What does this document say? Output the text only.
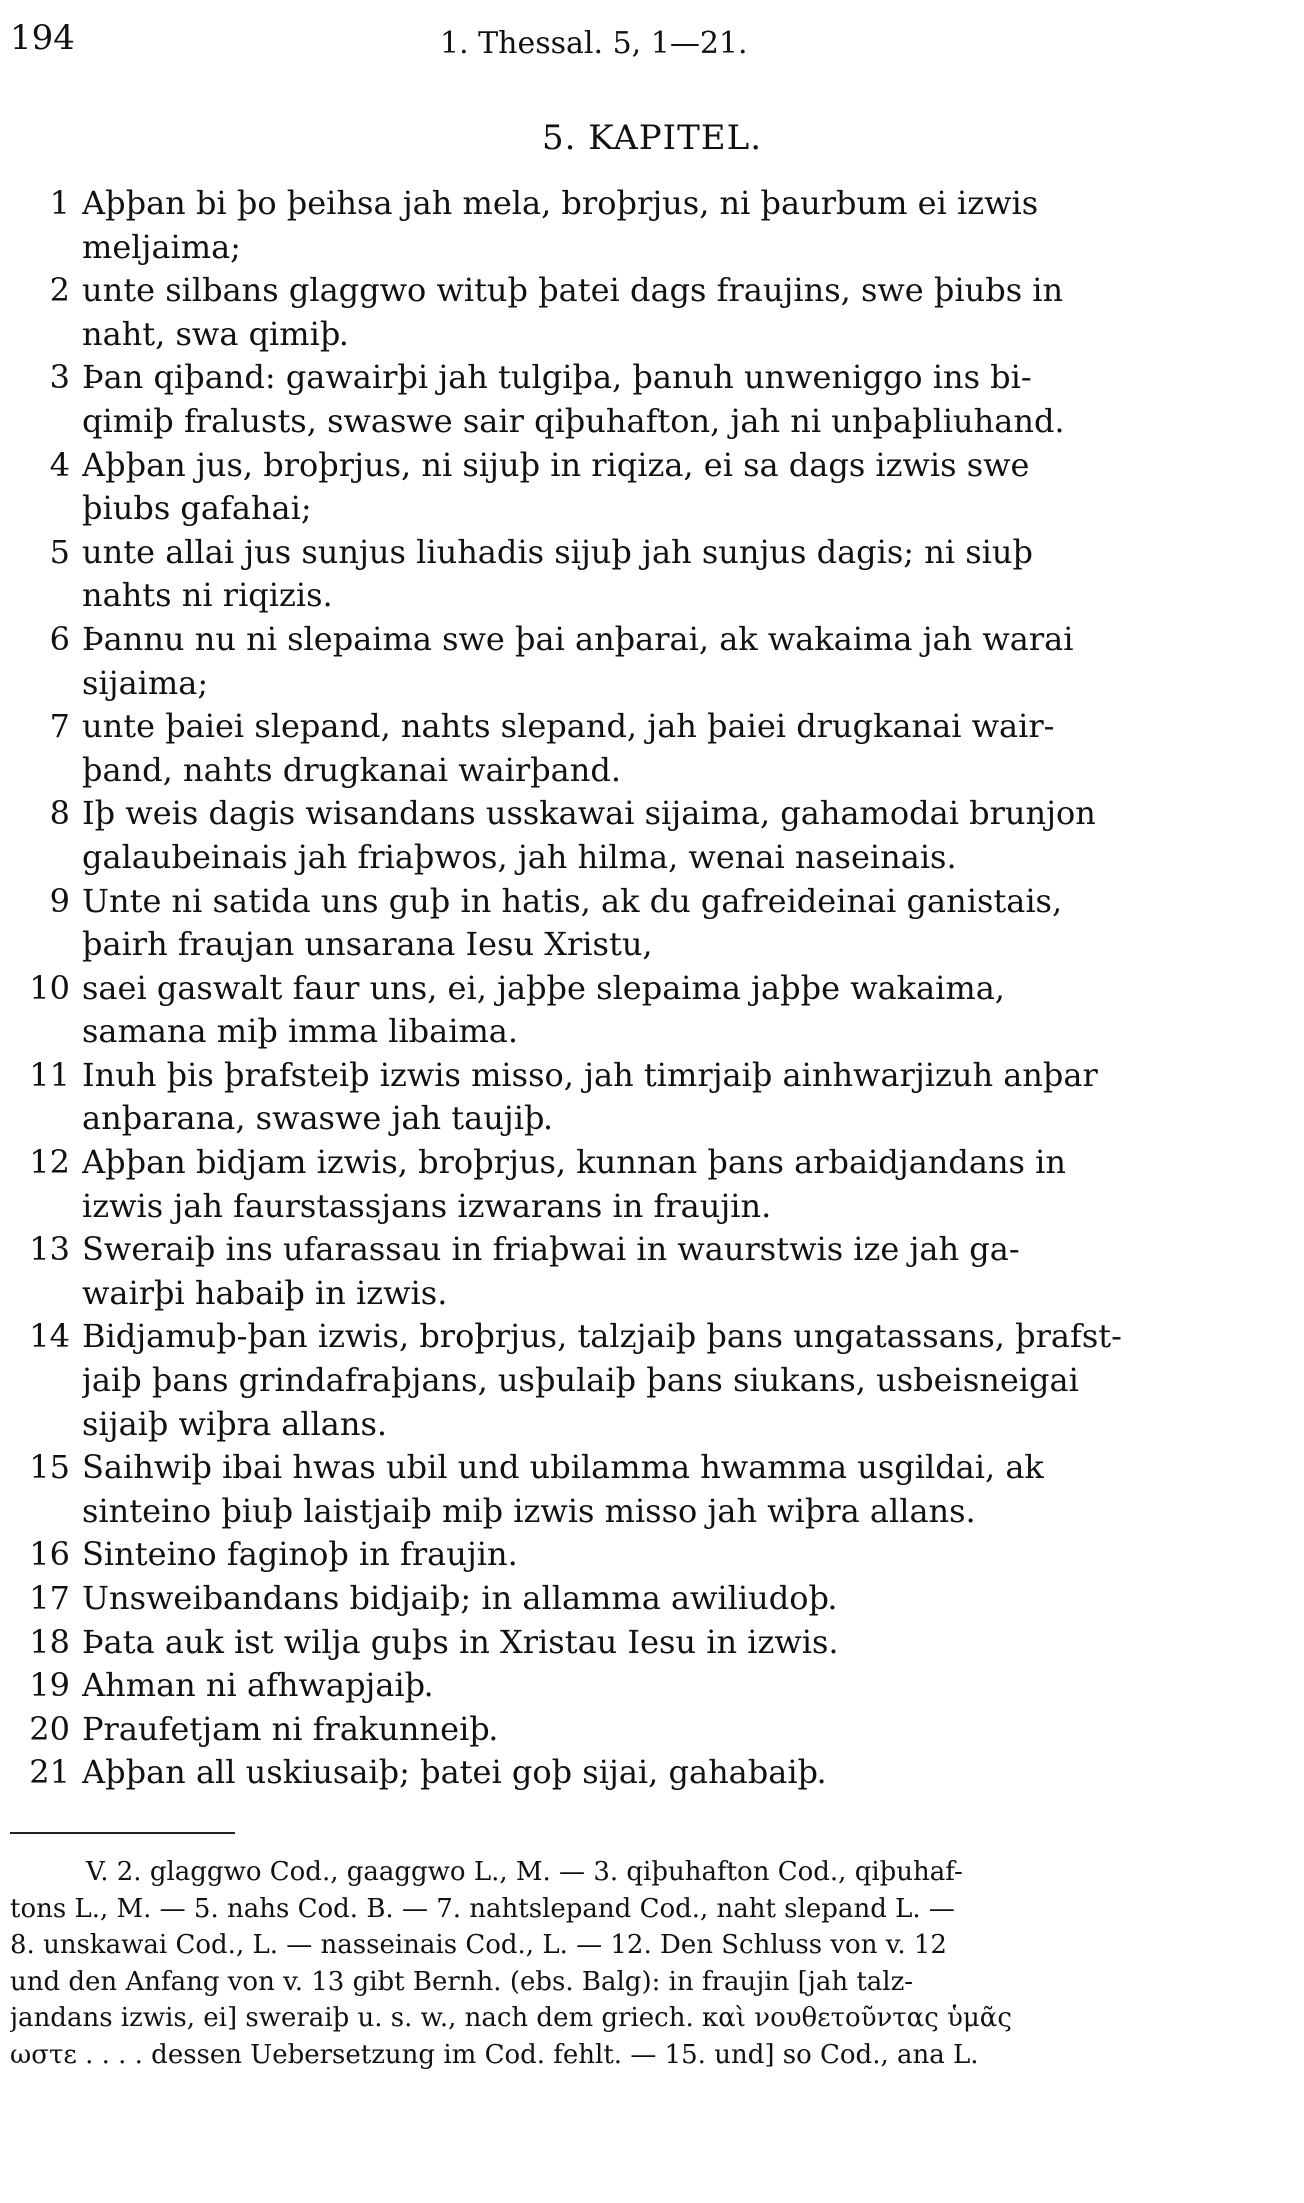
194	1. Thessal. 5, 1—21.
5. KAPITEL.
1 Aþþan bi þo þeihsa jah mela, broþrjus, ni þaurbum ei izwis
meljaima;
2 unte silbans glaggwo wituþ þatei dags fraujins, swe þiubs in
naht, swa qimiþ.
3 Þan qiþand: gawairþi jah tulgiþa, þanuh unweniggo ins bi-
qimiþ fralusts, swaswe sair qiþuhafton, jah ni unþaþliuhand.
4 Aþþan jus, broþrjus, ni sijuþ in riqiza, ei sa dags izwis swe
þiubs gafahai;
5 unte allai jus sunjus liuhadis sijuþ jah sunjus dagis; ni siuþ
nahts ni riqizis.
6 Þannu nu ni slepaima swe þai anþarai, ak wakaima jah warai
sijaima;
7 unte þaiei slepand, nahts slepand, jah þaiei drugkanai wair-
þand, nahts drugkanai wairþand.
8 Iþ weis dagis wisandans usskawai sijaima, gahamodai brunjon
galaubeinais jah friaþwos, jah hilma, wenai naseinais.
9 Unte ni satida uns guþ in hatis, ak du gafreideinai ganistais,
þairh fraujan unsarana Iesu Xristu,
10 saei gaswalt faur uns, ei, jaþþe slepaima jaþþe wakaima,
samana miþ imma libaima.
11 Inuh þis þrafsteiþ izwis misso, jah timrjaiþ ainhwarjizuh anþar
anþarana, swaswe jah taujiþ.
12 Aþþan bidjam izwis, broþrjus, kunnan þans arbaidjandans in
izwis jah faurstassjans izwarans in fraujin.
13 Sweraiþ ins ufarassau in friaþwai in waurstwis ize jah ga-
wairþi habaiþ in izwis.
14 Bidjamuþ-þan izwis, broþrjus, talzjaiþ þans ungatassans, þrafst-
jaiþ þans grindafraþjans, usþulaiþ þans siukans, usbeisneigai
sijaiþ wiþra allans.
15 Saihwiþ ibai hwas ubil und ubilamma hwamma usgildai, ak
sinteino þiuþ laistjaiþ miþ izwis misso jah wiþra allans.
16 Sinteino faginoþ in fraujin.
17 Unsweibandans bidjaiþ; in allamma awiliudoþ.
18 Þata auk ist wilja guþs in Xristau Iesu in izwis.
19 Ahman ni afhwapjaiþ.
20 Praufetjam ni frakunneiþ.
21 Aþþan all uskiusaiþ; þatei goþ sijai, gahabaiþ.
V. 2. glaggwo Cod., gaaggwo L., M. — 3. qiþuhafton Cod., qiþuhaf-
tons L., M. — 5. nahs Cod. B. — 7. nahtslepand Cod., naht slepand L. —
8. unskawai Cod., L. — nasseinais Cod., L. — 12. Den Schluss von v. 12
und den Anfang von v. 13 gibt Bernh. (ebs. Balg): in fraujin [jah talz-
jandans izwis, ei] sweraiþ u. s. w., nach dem griech. καὶ νουθετοῦντας ὑμᾶς
ωστε . . . . dessen Uebersetzung im Cod. fehlt. — 15. und] so Cod., ana L.
